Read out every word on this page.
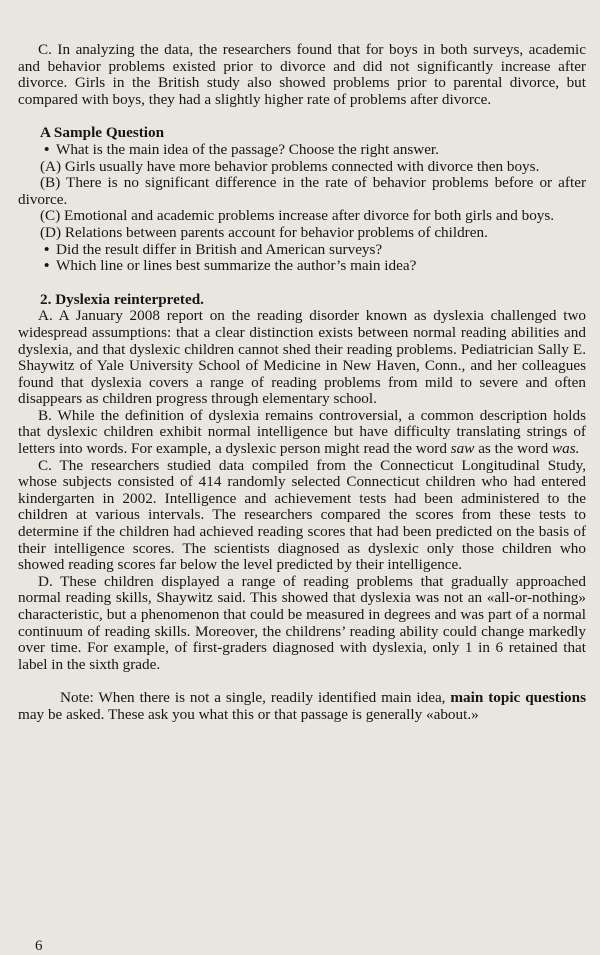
C. In analyzing the data, the researchers found that for boys in both surveys, academic and behavior problems existed prior to divorce and did not significantly increase after divorce. Girls in the British study also showed problems prior to parental divorce, but compared with boys, they had a slightly higher rate of problems after divorce.

A Sample Question
• What is the main idea of the passage? Choose the right answer.

(A) Girls usually have more behavior problems connected with divorce then boys.

(B) There is no significant difference in the rate of behavior problems before or after divorce.

(C) Emotional and academic problems increase after divorce for both girls and boys.

(D) Relations between parents account for behavior problems of children.

• Did the result differ in British and American surveys?
• Which line or lines best summarize the author’s main idea?
2. Dyslexia reinterpreted.

A. A January 2008 report on the reading disorder known as dyslexia challenged two widespread assumptions: that a clear distinction exists between normal reading abilities and dyslexia, and that dyslexic children cannot shed their reading problems. Pediatrician Sally E. Shaywitz of Yale University School of Medicine in New Haven, Conn., and her colleagues found that dyslexia covers a range of reading problems from mild to severe and often disappears as children progress through elementary school.

B. While the definition of dyslexia remains controversial, a common description holds that dyslexic children exhibit normal intelligence but have difficulty translating strings of letters into words. For example, a dyslexic person might read the word saw as the word was.

C. The researchers studied data compiled from the Connecticut Longitudinal Study, whose subjects consisted of 414 randomly selected Connecticut children who had entered kindergarten in 2002. Intelligence and achievement tests had been administered to the children at various intervals. The researchers compared the scores from these tests to determine if the children had achieved reading scores that had been predicted on the basis of their intelligence scores. The scientists diagnosed as dyslexic only those children who showed reading scores far below the level predicted by their intelligence.

D. These children displayed a range of reading problems that gradually approached normal reading skills, Shaywitz said. This showed that dyslexia was not an «all-or-nothing» characteristic, but a phenomenon that could be measured in degrees and was part of a normal continuum of reading skills. Moreover, the childrens’ reading ability could change markedly over time. For example, of first-graders diagnosed with dyslexia, only 1 in 6 retained that label in the sixth grade.

Note: When there is not a single, readily identified main idea, main topic questions may be asked. These ask you what this or that passage is generally «about.»

6
